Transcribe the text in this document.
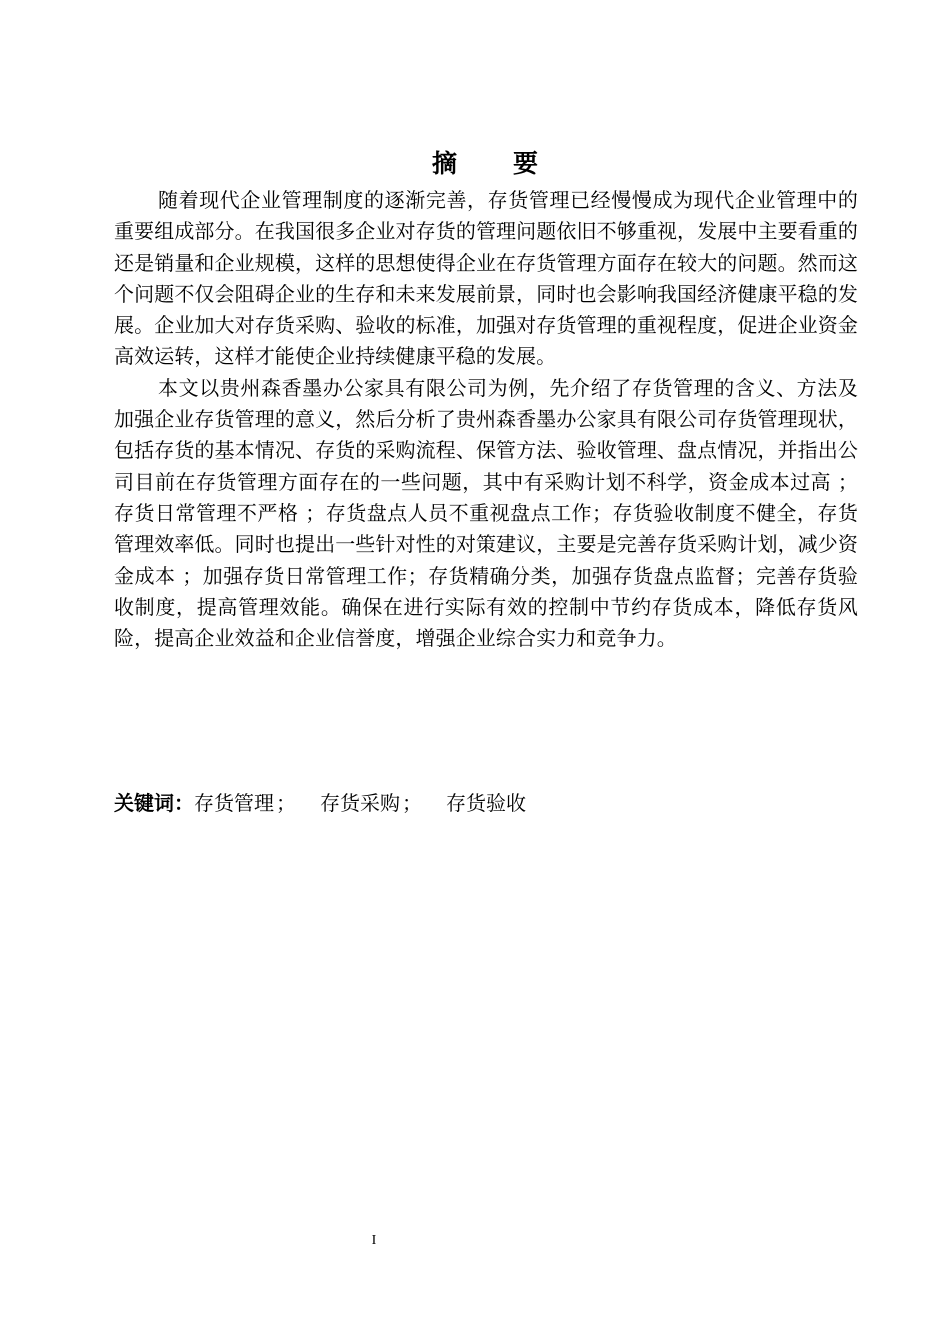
摘　　要

随着现代企业管理制度的逐渐完善，存货管理已经慢慢成为现代企业管理中的重要组成部分。在我国很多企业对存货的管理问题依旧不够重视，发展中主要看重的还是销量和企业规模，这样的思想使得企业在存货管理方面存在较大的问题。然而这个问题不仅会阻碍企业的生存和未来发展前景，同时也会影响我国经济健康平稳的发展。企业加大对存货采购、验收的标准，加强对存货管理的重视程度，促进企业资金高效运转，这样才能使企业持续健康平稳的发展。

本文以贵州森香墨办公家具有限公司为例，先介绍了存货管理的含义、方法及加强企业存货管理的意义，然后分析了贵州森香墨办公家具有限公司存货管理现状，包括存货的基本情况、存货的采购流程、保管方法、验收管理、盘点情况，并指出公司目前在存货管理方面存在的一些问题，其中有采购计划不科学，资金成本过高 ；存货日常管理不严格 ；存货盘点人员不重视盘点工作；存货验收制度不健全，存货管理效率低。同时也提出一些针对性的对策建议，主要是完善存货采购计划，减少资金成本 ；加强存货日常管理工作；存货精确分类，加强存货盘点监督；完善存货验收制度，提高管理效能。确保在进行实际有效的控制中节约存货成本，降低存货风险，提高企业效益和企业信誉度，增强企业综合实力和竞争力。

关键词：存货管理 ； 存货采购 ； 存货验收
I
